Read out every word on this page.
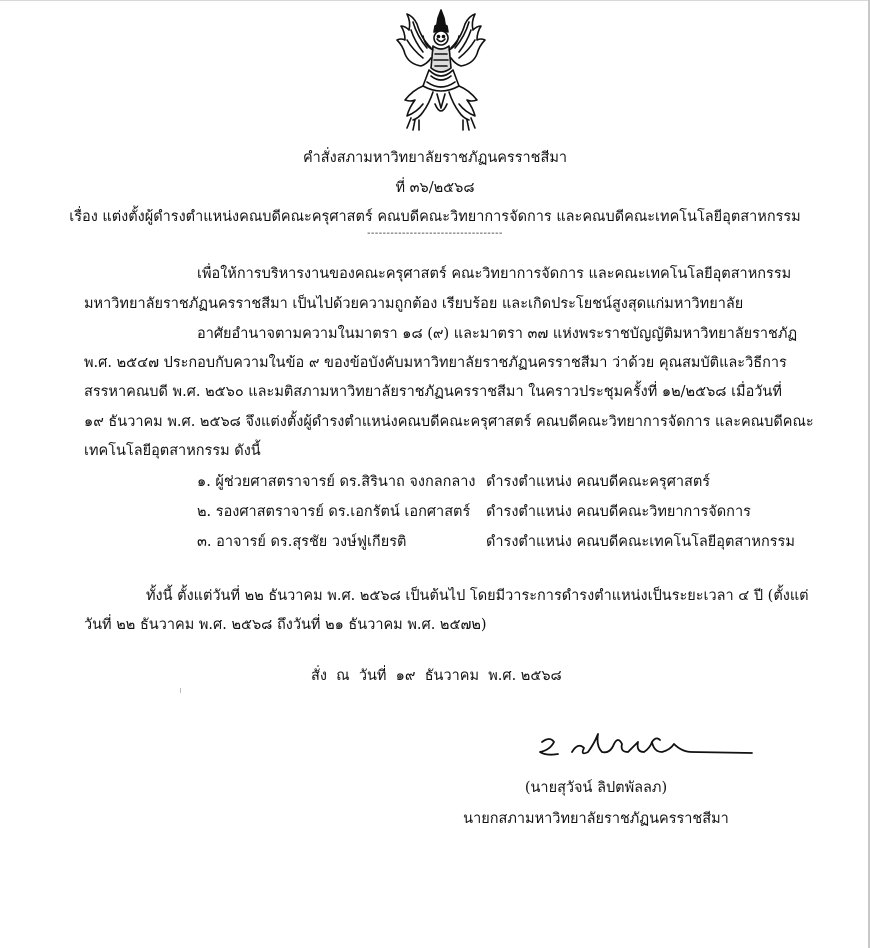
คำสั่งสภามหาวิทยาลัยราชภัฏนครราชสีมา
ที่ ๓๖/๒๕๖๘
เรื่อง แต่งตั้งผู้ดำรงตำแหน่งคณบดีคณะครุศาสตร์ คณบดีคณะวิทยาการจัดการ และคณบดีคณะเทคโนโลยีอุตสาหกรรม
-----------------------------------
เพื่อให้การบริหารงานของคณะครุศาสตร์ คณะวิทยาการจัดการ และคณะเทคโนโลยีอุตสาหกรรม
มหาวิทยาลัยราชภัฏนครราชสีมา เป็นไปด้วยความถูกต้อง เรียบร้อย และเกิดประโยชน์สูงสุดแก่มหาวิทยาลัย
อาศัยอำนาจตามความในมาตรา ๑๘ (๙) และมาตรา ๓๗ แห่งพระราชบัญญัติมหาวิทยาลัยราชภัฏ
พ.ศ. ๒๕๔๗ ประกอบกับความในข้อ ๙ ของข้อบังคับมหาวิทยาลัยราชภัฏนครราชสีมา ว่าด้วย คุณสมบัติและวิธีการ
สรรหาคณบดี พ.ศ. ๒๕๖๐ และมติสภามหาวิทยาลัยราชภัฏนครราชสีมา ในคราวประชุมครั้งที่ ๑๒/๒๕๖๘ เมื่อวันที่
๑๙ ธันวาคม พ.ศ. ๒๕๖๘ จึงแต่งตั้งผู้ดำรงตำแหน่งคณบดีคณะครุศาสตร์ คณบดีคณะวิทยาการจัดการ และคณบดีคณะ
เทคโนโลยีอุตสาหกรรม ดังนี้
๑. ผู้ช่วยศาสตราจารย์ ดร.สิรินาถ จงกลกลาง ดำรงตำแหน่ง คณบดีคณะครุศาสตร์
๒. รองศาสตราจารย์ ดร.เอกรัตน์ เอกศาสตร์ ดำรงตำแหน่ง คณบดีคณะวิทยาการจัดการ
๓. อาจารย์ ดร.สุรชัย วงษ์ฟูเกียรติ	ดำรงตำแหน่ง คณบดีคณะเทคโนโลยีอุตสาหกรรม
ทั้งนี้ ตั้งแต่วันที่ ๒๒ ธันวาคม พ.ศ. ๒๕๖๘ เป็นต้นไป โดยมีวาระการดำรงตำแหน่งเป็นระยะเวลา ๔ ปี (ตั้งแต่
วันที่ ๒๒ ธันวาคม พ.ศ. ๒๕๖๘ ถึงวันที่ ๒๑ ธันวาคม พ.ศ. ๒๕๗๒)
สั่ง  ณ  วันที่  ๑๙  ธันวาคม  พ.ศ. ๒๕๖๘
(นายสุวัจน์ ลิปตพัลลภ)
นายกสภามหาวิทยาลัยราชภัฏนครราชสีมา
